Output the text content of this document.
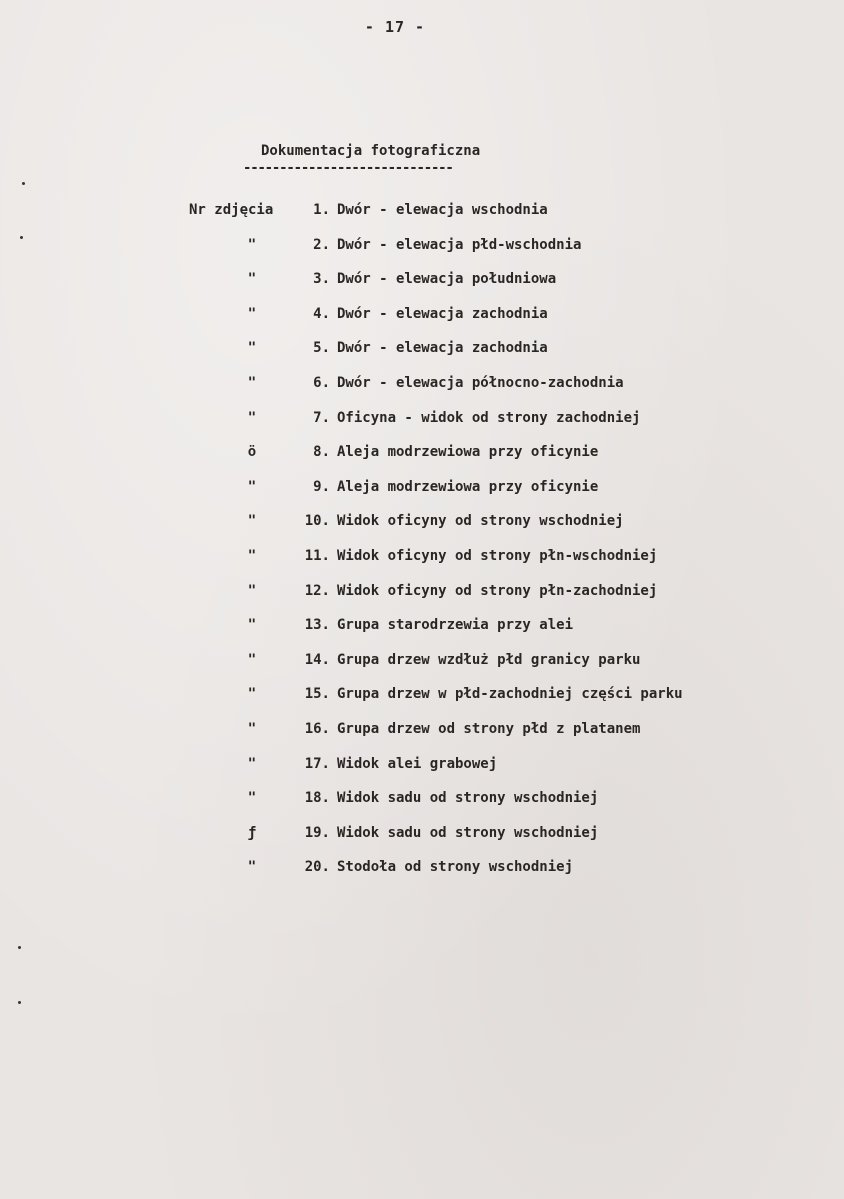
- 17 -
Dokumentacja fotograficzna
-----------------------------
Nr zdjęcia	1. Dwór - elewacja wschodnia
"	2. Dwór - elewacja płd-wschodnia
"	3. Dwór - elewacja południowa
"	4. Dwór - elewacja zachodnia
"	5. Dwór - elewacja zachodnia
"	6. Dwór - elewacja północno-zachodnia
"	7. Oficyna - widok od strony zachodniej
ö	8. Aleja modrzewiowa przy oficynie
"	9. Aleja modrzewiowa przy oficynie
"	10. Widok oficyny od strony wschodniej
"	11. Widok oficyny od strony płn-wschodniej
"	12. Widok oficyny od strony płn-zachodniej
"	13. Grupa starodrzewia przy alei
"	14. Grupa drzew wzdłuż płd granicy parku
"	15. Grupa drzew w płd-zachodniej części parku
"	16. Grupa drzew od strony płd z platanem
"	17. Widok alei grabowej
"	18. Widok sadu od strony wschodniej
ƒ	19. Widok sadu od strony wschodniej
"	20. Stodoła od strony wschodniej
